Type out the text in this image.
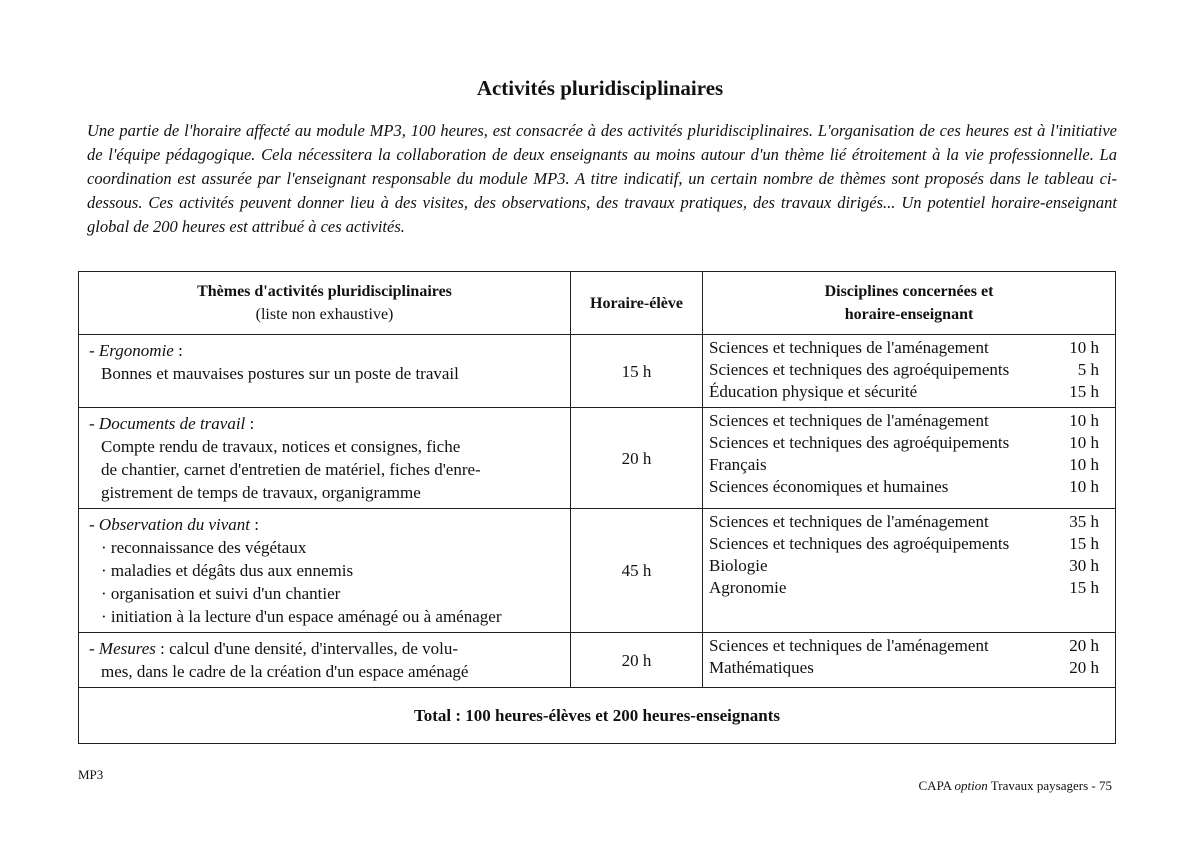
Activités pluridisciplinaires
Une partie de l'horaire affecté au module MP3, 100 heures, est consacrée à des activités pluridisciplinaires. L'organisation de ces heures est à l'initiative de l'équipe pédagogique. Cela nécessitera la collaboration de deux enseignants au moins autour d'un thème lié étroitement à la vie professionnelle. La coordination est assurée par l'enseignant responsable du module MP3. A titre indicatif, un certain nombre de thèmes sont proposés dans le tableau ci-dessous. Ces activités peuvent donner lieu à des visites, des observations, des travaux pratiques, des travaux dirigés... Un potentiel horaire-enseignant global de 200 heures est attribué à ces activités.
Thèmes d'activités pluridisciplinaires
(liste non exhaustive)

Horaire-élève

Disciplines concernées et
horaire-enseignant

- Ergonomie :
Bonnes et mauvaises postures sur un poste de travail	15 h	
Sciences et techniques de l'aménagement	10 h
Sciences et techniques des agroéquipements	5 h
Éducation physique et sécurité	15 h

- Documents de travail :
Compte rendu de travaux, notices et consignes, fiche
de chantier, carnet d'entretien de matériel, fiches d'enre-
gistrement de temps de travaux, organigramme
	20 h	
Sciences et techniques de l'aménagement	10 h
Sciences et techniques des agroéquipements	10 h
Français	10 h
Sciences économiques et humaines	10 h

- Observation du vivant :
· reconnaissance des végétaux
· maladies et dégâts dus aux ennemis
· organisation et suivi d'un chantier
· initiation à la lecture d'un espace aménagé ou à aménager
	45 h	
Sciences et techniques de l'aménagement	35 h
Sciences et techniques des agroéquipements	15 h
Biologie	30 h
Agronomie	15 h

- Mesures : calcul d'une densité, d'intervalles, de volu-
mes, dans le cadre de la création d'un espace aménagé
	20 h	
Sciences et techniques de l'aménagement	20 h
Mathématiques	20 h

Total : 100 heures-élèves et 200 heures-enseignants
MP3
CAPA option Travaux paysagers - 75
